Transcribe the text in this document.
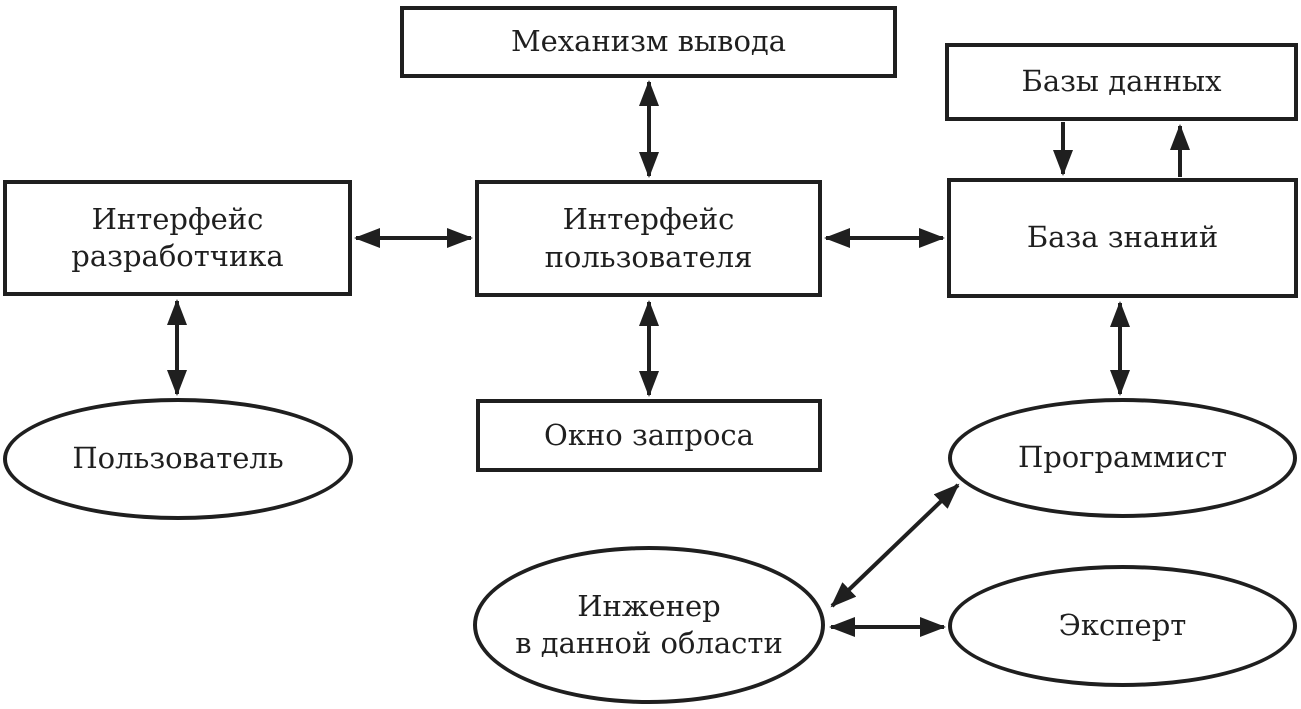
Механизм вывода
Базы данных
Интерфейс
разработчика
Интерфейс
пользователя
База знаний
Окно запроса
Пользователь	Программист
Инженер
в данной области
Эксперт
